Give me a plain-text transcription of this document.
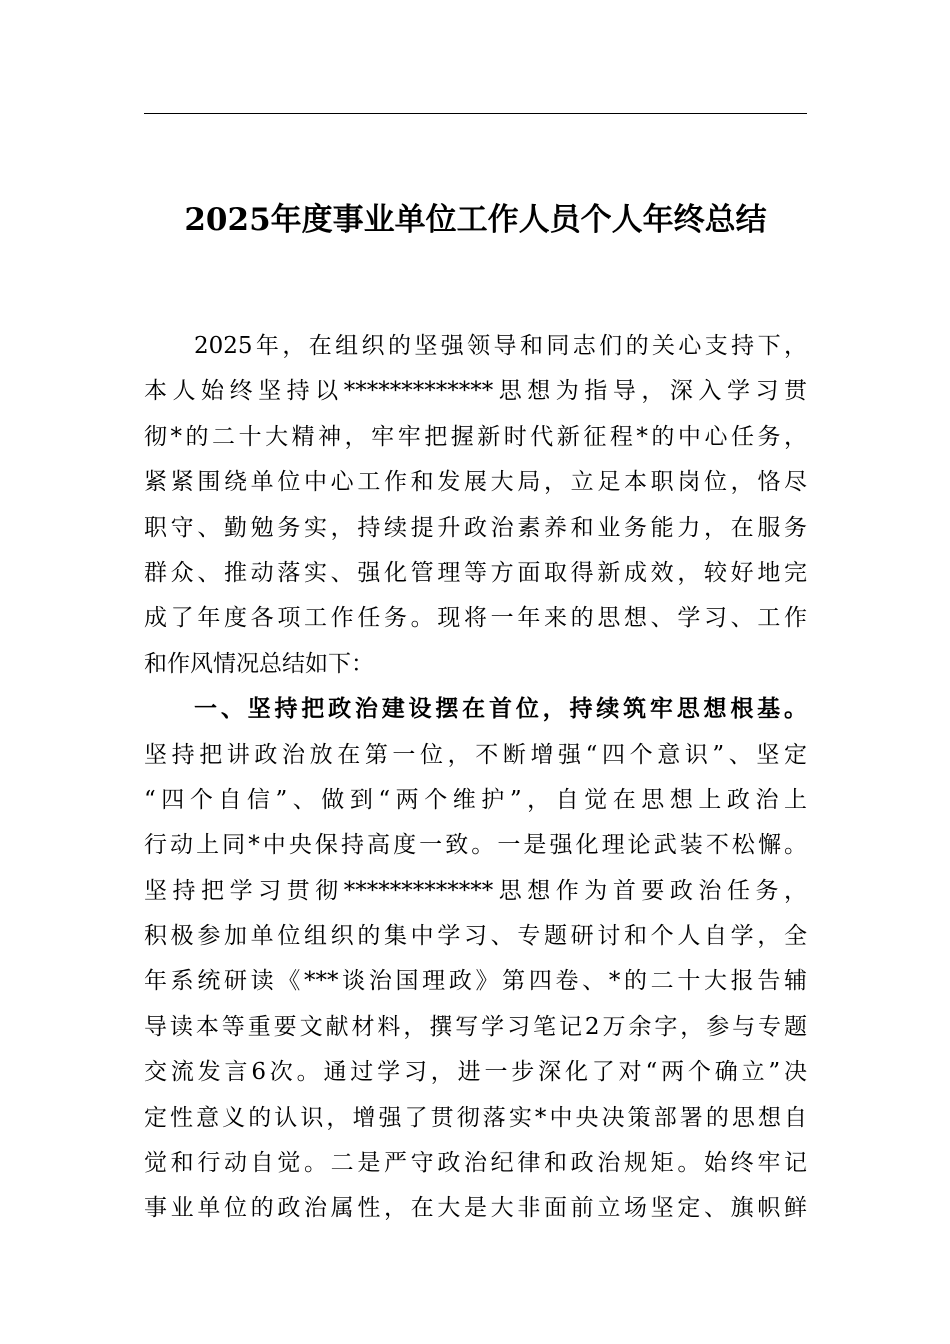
2025年度事业单位工作人员个人年终总结
2025年，在组织的坚强领导和同志们的关心支持下，
本人始终坚持以*************思想为指导，深入学习贯
彻*的二十大精神，牢牢把握新时代新征程*的中心任务，
紧紧围绕单位中心工作和发展大局，立足本职岗位，恪尽
职守、勤勉务实，持续提升政治素养和业务能力，在服务
群众、推动落实、强化管理等方面取得新成效，较好地完
成了年度各项工作任务。现将一年来的思想、学习、工作
和作风情况总结如下：
一、坚持把政治建设摆在首位，持续筑牢思想根基。
坚持把讲政治放在第一位，不断增强“四个意识”、坚定
“四个自信”、做到“两个维护”，自觉在思想上政治上
行动上同*中央保持高度一致。一是强化理论武装不松懈。
坚持把学习贯彻*************思想作为首要政治任务，
积极参加单位组织的集中学习、专题研讨和个人自学，全
年系统研读《***谈治国理政》第四卷、*的二十大报告辅
导读本等重要文献材料，撰写学习笔记2万余字，参与专题
交流发言6次。通过学习，进一步深化了对“两个确立”决
定性意义的认识，增强了贯彻落实*中央决策部署的思想自
觉和行动自觉。二是严守政治纪律和政治规矩。始终牢记
事业单位的政治属性，在大是大非面前立场坚定、旗帜鲜
